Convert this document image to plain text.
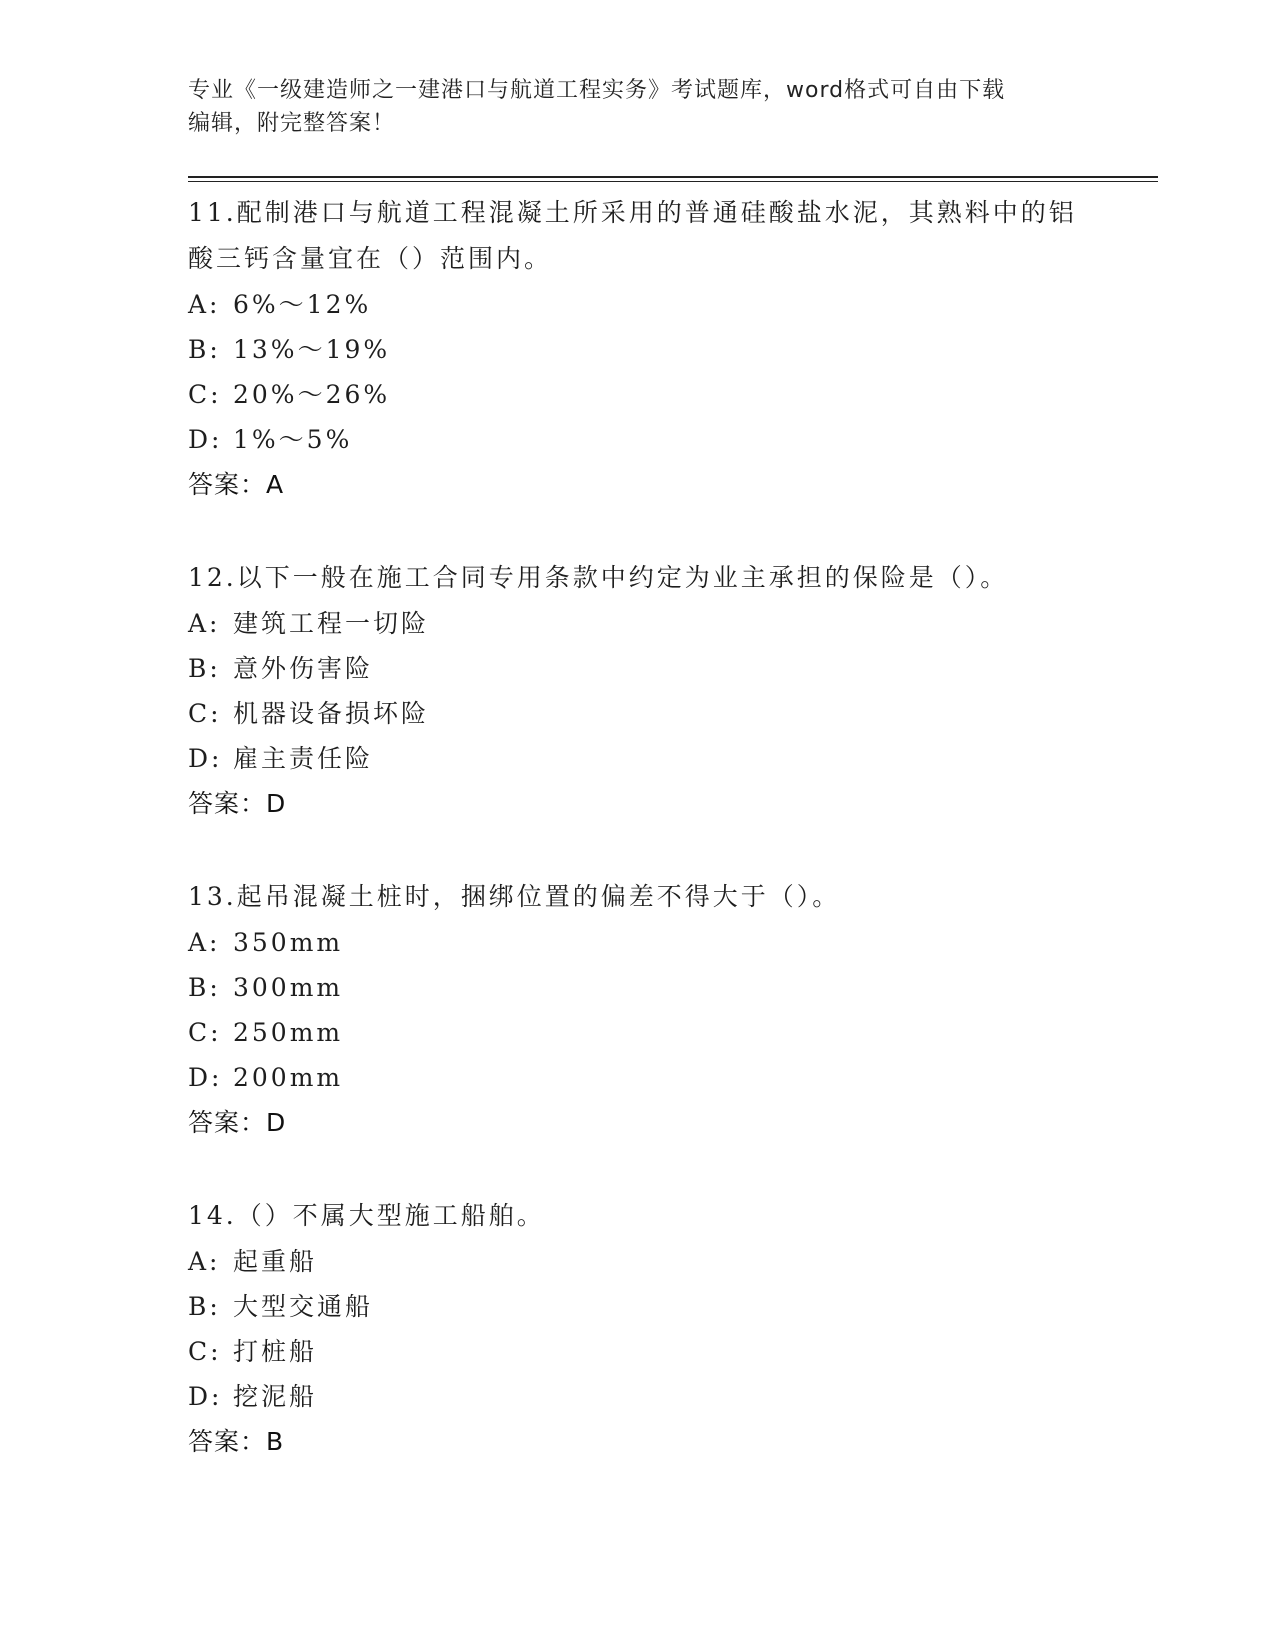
专业《一级建造师之一建港口与航道工程实务》考试题库，word格式可自由下载
编辑，附完整答案！
11.配制港口与航道工程混凝土所采用的普通硅酸盐水泥，其熟料中的铝酸三钙含量宜在（）范围内。
A: 6%～12%
B: 13%～19%
C: 20%～26%
D: 1%～5%
答案：A
12.以下一般在施工合同专用条款中约定为业主承担的保险是（）。
A: 建筑工程一切险
B: 意外伤害险
C: 机器设备损坏险
D: 雇主责任险
答案：D
13.起吊混凝土桩时，捆绑位置的偏差不得大于（）。
A: 350mm
B: 300mm
C: 250mm
D: 200mm
答案：D
14.（）不属大型施工船舶。
A: 起重船
B: 大型交通船
C: 打桩船
D: 挖泥船
答案：B
